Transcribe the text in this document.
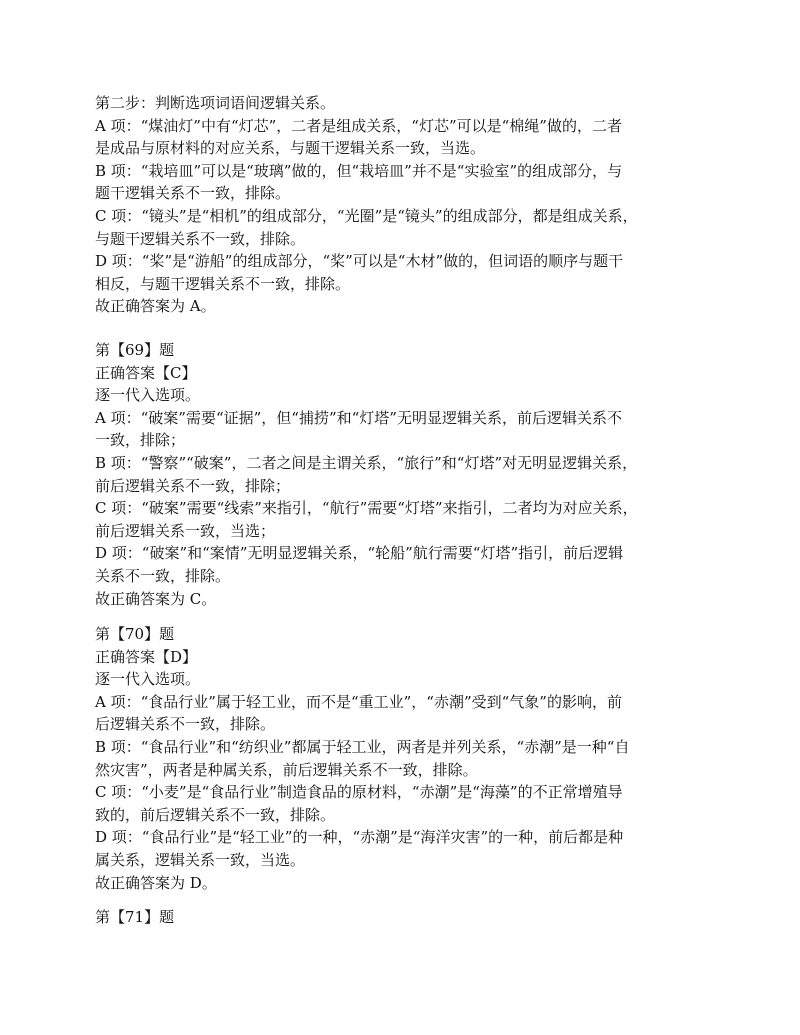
第二步：判断选项词语间逻辑关系。
A 项：“煤油灯”中有“灯芯”，二者是组成关系，“灯芯”可以是“棉绳”做的，二者
是成品与原材料的对应关系，与题干逻辑关系一致，当选。
B 项：“栽培皿”可以是“玻璃”做的，但“栽培皿”并不是“实验室”的组成部分，与
题干逻辑关系不一致，排除。
C 项：“镜头”是“相机”的组成部分，“光圈”是“镜头”的组成部分，都是组成关系，
与题干逻辑关系不一致，排除。
D 项：“桨”是“游船”的组成部分，“桨”可以是“木材”做的，但词语的顺序与题干
相反，与题干逻辑关系不一致，排除。
故正确答案为 A。
第【69】题
正确答案【C】
逐一代入选项。
A 项：“破案”需要“证据”，但“捕捞”和“灯塔”无明显逻辑关系，前后逻辑关系不
一致，排除；
B 项：“警察”“破案”，二者之间是主谓关系，“旅行”和“灯塔”对无明显逻辑关系，
前后逻辑关系不一致，排除；
C 项：“破案”需要“线索”来指引，“航行”需要“灯塔”来指引，二者均为对应关系，
前后逻辑关系一致，当选；
D 项：“破案”和“案情”无明显逻辑关系，“轮船”航行需要“灯塔”指引，前后逻辑
关系不一致，排除。
故正确答案为 C。
第【70】题
正确答案【D】
逐一代入选项。
A 项：“食品行业”属于轻工业，而不是“重工业”，“赤潮”受到“气象”的影响，前
后逻辑关系不一致，排除。
B 项：“食品行业”和“纺织业”都属于轻工业，两者是并列关系，“赤潮”是一种“自
然灾害”，两者是种属关系，前后逻辑关系不一致，排除。
C 项：“小麦”是“食品行业”制造食品的原材料，“赤潮”是“海藻”的不正常增殖导
致的，前后逻辑关系不一致，排除。
D 项：“食品行业”是“轻工业”的一种，“赤潮”是“海洋灾害”的一种，前后都是种
属关系，逻辑关系一致，当选。
故正确答案为 D。
第【71】题
